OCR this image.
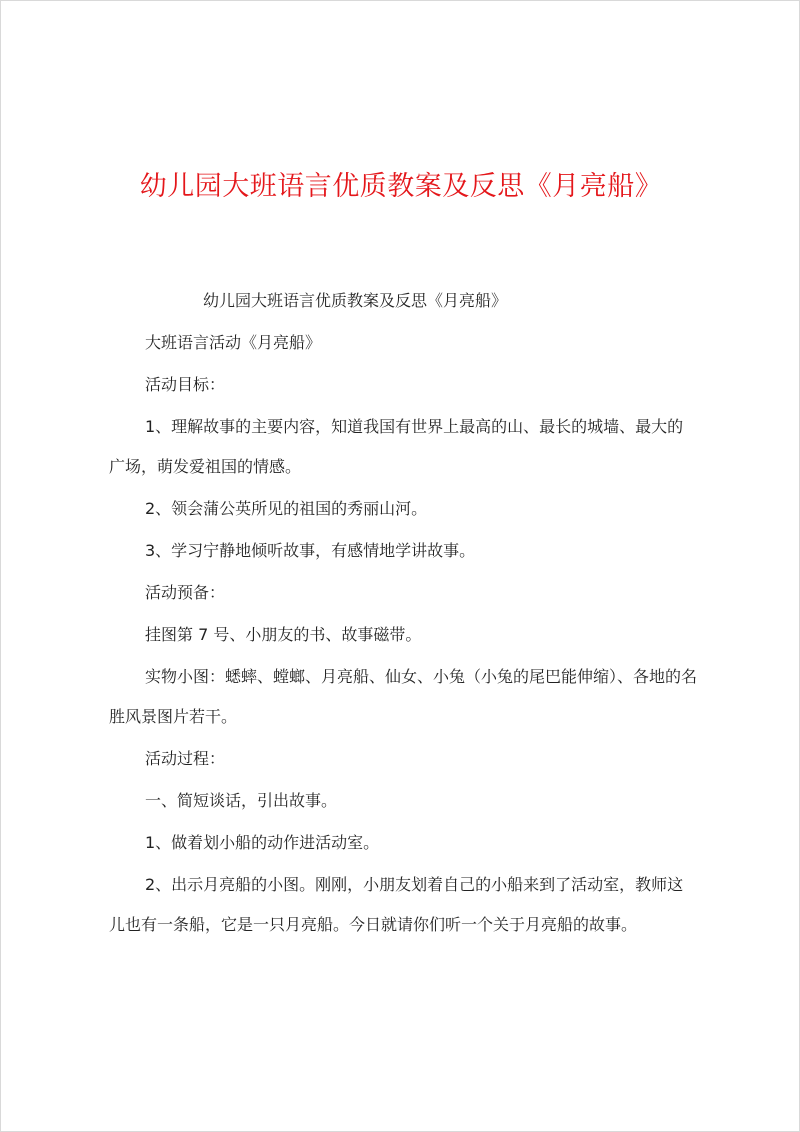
幼儿园大班语言优质教案及反思《月亮船》

幼儿园大班语言优质教案及反思《月亮船》

大班语言活动《月亮船》

活动目标：

1、理解故事的主要内容，知道我国有世界上最高的山、最长的城墙、最大的广场，萌发爱祖国的情感。

2、领会蒲公英所见的祖国的秀丽山河。

3、学习宁静地倾听故事，有感情地学讲故事。

活动预备：

挂图第 7 号、小朋友的书、故事磁带。

实物小图：蟋蟀、螳螂、月亮船、仙女、小兔（小兔的尾巴能伸缩）、各地的名胜风景图片若干。

活动过程：

一、简短谈话，引出故事。

1、做着划小船的动作进活动室。

2、出示月亮船的小图。刚刚，小朋友划着自己的小船来到了活动室，教师这儿也有一条船，它是一只月亮船。今日就请你们听一个关于月亮船的故事。
